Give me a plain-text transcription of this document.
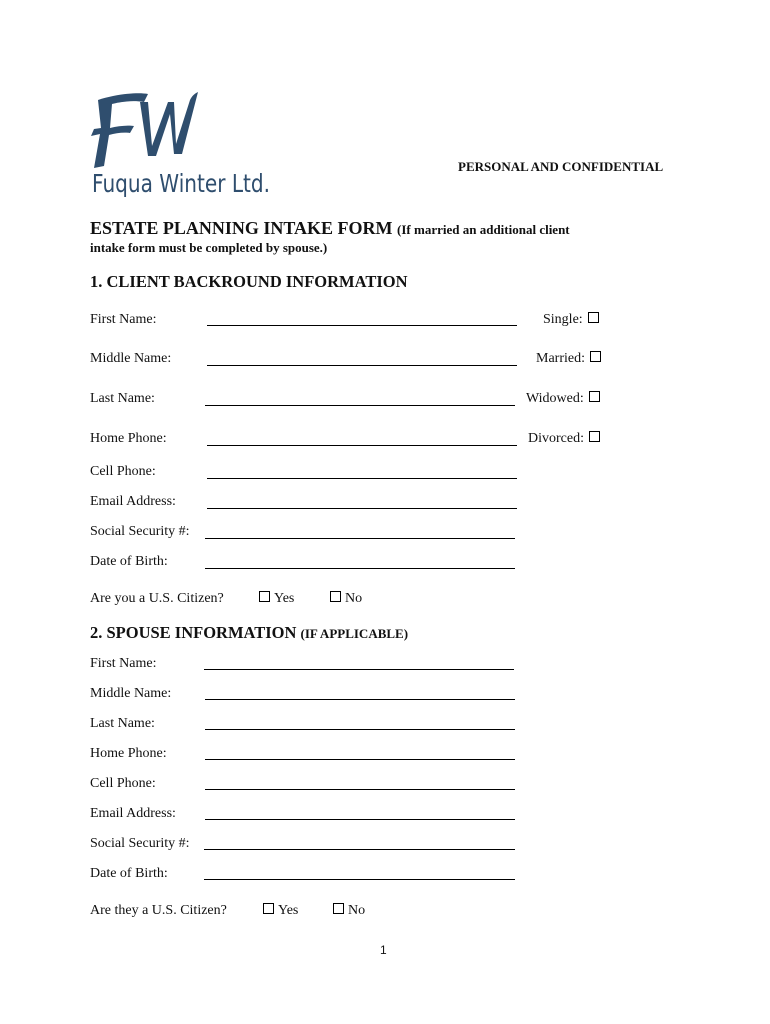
Fuqua Winter Ltd.
PERSONAL AND CONFIDENTIAL
ESTATE PLANNING INTAKE FORM (If married an additional client
intake form must be completed by spouse.)
1. CLIENT BACKROUND INFORMATION
First Name:	Single:
Middle Name:	Married:
Last Name:	Widowed:
Home Phone:	Divorced:
Cell Phone:
Email Address:
Social Security #:
Date of Birth:
Are you a U.S. Citizen?	Yes	No
2. SPOUSE INFORMATION (IF APPLICABLE)
First Name:
Middle Name:
Last Name:
Home Phone:
Cell Phone:
Email Address:
Social Security #:
Date of Birth:
Are they a U.S. Citizen?	Yes	No
1
